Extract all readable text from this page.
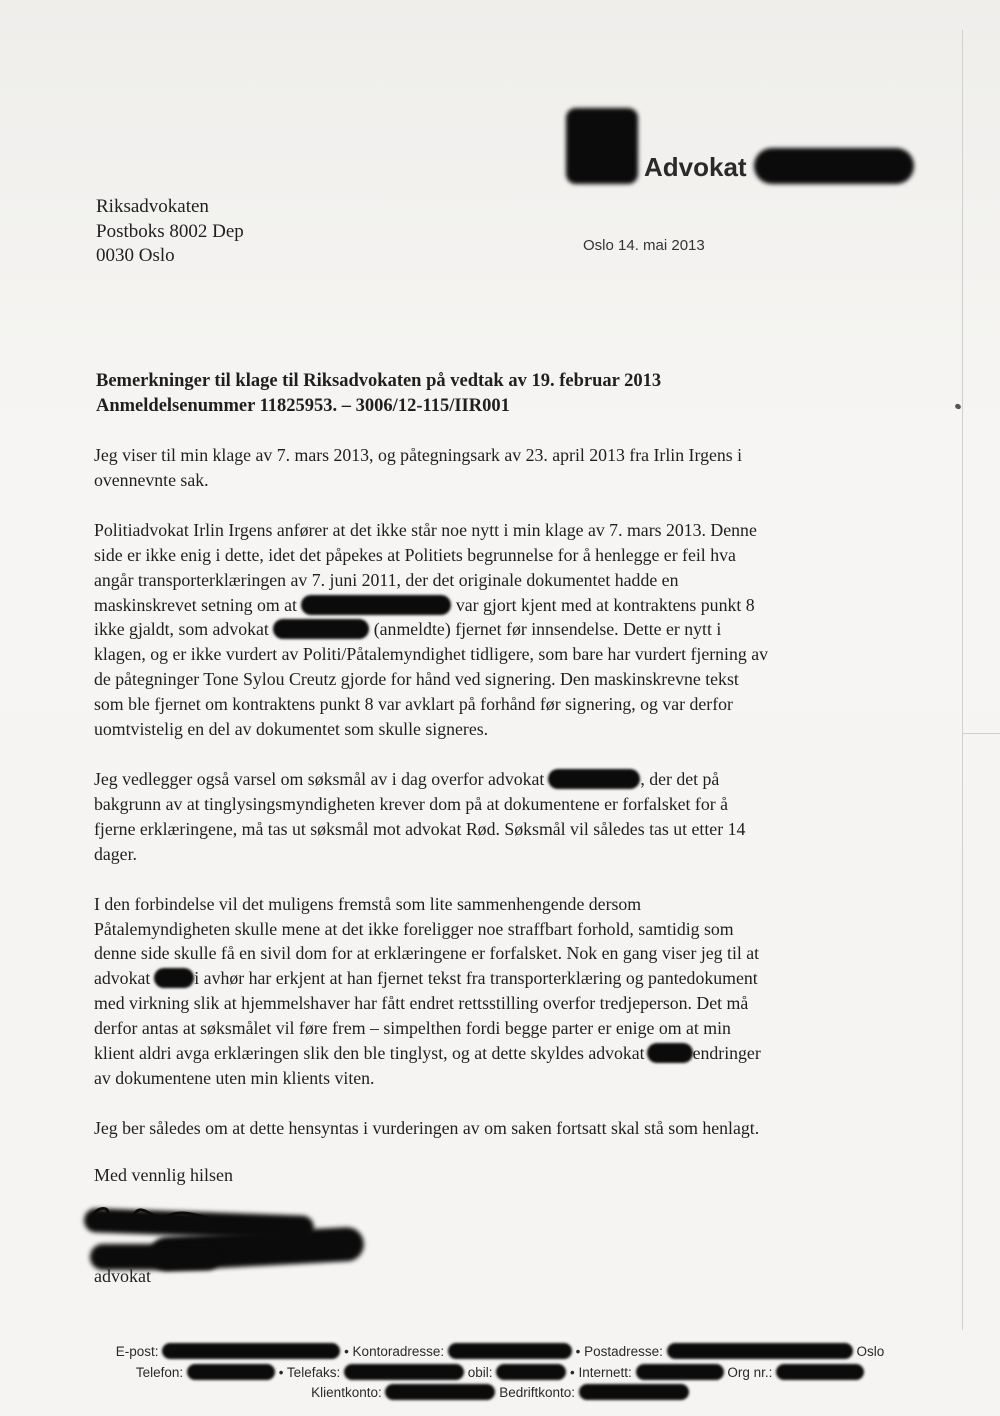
Advokat
Riksadvokaten
Postboks 8002 Dep
0030 Oslo	Oslo 14. mai 2013
Bemerkninger til klage til Riksadvokaten på vedtak av 19. februar 2013
Anmeldelsenummer 11825953. – 3006/12-115/IIR001
Jeg viser til min klage av 7. mars 2013, og påtegningsark av 23. april 2013 fra Irlin Irgens i
ovennevnte sak.
Politiadvokat Irlin Irgens anfører at det ikke står noe nytt i min klage av 7. mars 2013. Denne
side er ikke enig i dette, idet det påpekes at Politiets begrunnelse for å henlegge er feil hva
angår transporterklæringen av 7. juni 2011, der det originale dokumentet hadde en
maskinskrevet setning om at	var gjort kjent med at kontraktens punkt 8
ikke gjaldt, som advokat	(anmeldte) fjernet før innsendelse. Dette er nytt i
klagen, og er ikke vurdert av Politi/Påtalemyndighet tidligere, som bare har vurdert fjerning av
de påtegninger Tone Sylou Creutz gjorde for hånd ved signering. Den maskinskrevne tekst
som ble fjernet om kontraktens punkt 8 var avklart på forhånd før signering, og var derfor
uomtvistelig en del av dokumentet som skulle signeres.
Jeg vedlegger også varsel om søksmål av i dag overfor advokat	, der det på
bakgrunn av at tinglysingsmyndigheten krever dom på at dokumentene er forfalsket for å
fjerne erklæringene, må tas ut søksmål mot advokat Rød. Søksmål vil således tas ut etter 14
dager.
I den forbindelse vil det muligens fremstå som lite sammenhengende dersom
Påtalemyndigheten skulle mene at det ikke foreligger noe straffbart forhold, samtidig som
denne side skulle få en sivil dom for at erklæringene er forfalsket. Nok en gang viser jeg til at
advokat i avhør har erkjent at han fjernet tekst fra transporterklæring og pantedokument
med virkning slik at hjemmelshaver har fått endret rettsstilling overfor tredjeperson. Det må
derfor antas at søksmålet vil føre frem – simpelthen fordi begge parter er enige om at min
klient aldri avga erklæringen slik den ble tinglyst, og at dette skyldes advokat	endringer
av dokumentene uten min klients viten.
Jeg ber således om at dette hensyntas i vurderingen av om saken fortsatt skal stå som henlagt.
Med vennlig hilsen
advokat
E-post:	• Kontoradresse:	• Postadresse:	Oslo
Telefon:	• Telefaks:	obil:	• Internett:	Org nr.:
Klientkonto:	Bedriftkonto:
